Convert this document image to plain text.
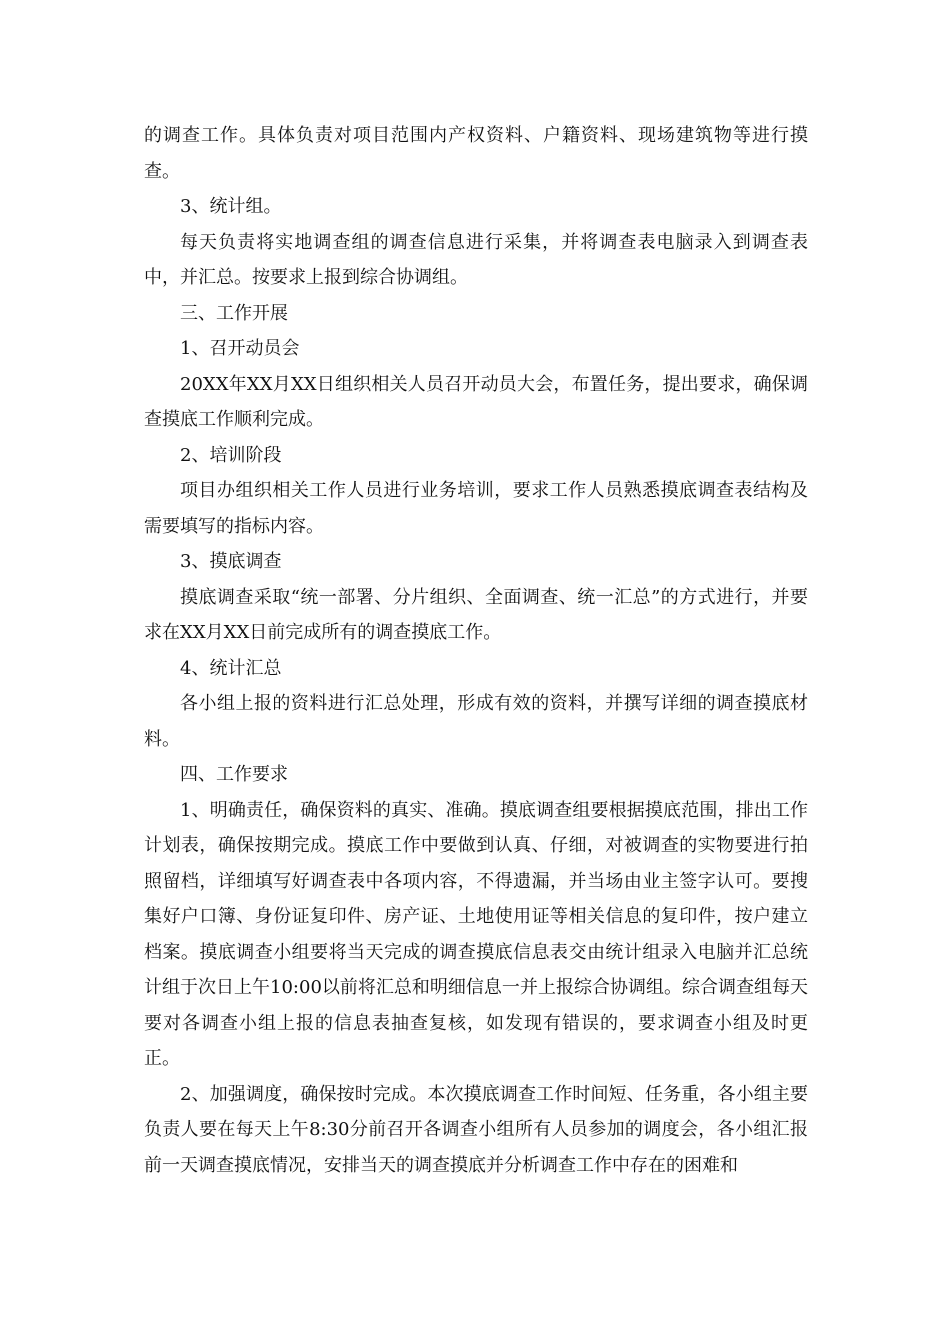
的调查工作。具体负责对项目范围内产权资料、户籍资料、现场建筑物等进行摸查。

3、统计组。

每天负责将实地调查组的调查信息进行采集，并将调查表电脑录入到调查表中，并汇总。按要求上报到综合协调组。

三、工作开展

1、召开动员会

20XX年XX月XX日组织相关人员召开动员大会，布置任务，提出要求，确保调查摸底工作顺利完成。

2、培训阶段

项目办组织相关工作人员进行业务培训，要求工作人员熟悉摸底调查表结构及需要填写的指标内容。

3、摸底调查

摸底调查采取“统一部署、分片组织、全面调查、统一汇总”的方式进行，并要求在XX月XX日前完成所有的调查摸底工作。

4、统计汇总

各小组上报的资料进行汇总处理，形成有效的资料，并撰写详细的调查摸底材料。

四、工作要求

1、明确责任，确保资料的真实、准确。摸底调查组要根据摸底范围，排出工作计划表，确保按期完成。摸底工作中要做到认真、仔细，对被调查的实物要进行拍照留档，详细填写好调查表中各项内容，不得遗漏，并当场由业主签字认可。要搜集好户口簿、身份证复印件、房产证、土地使用证等相关信息的复印件，按户建立档案。摸底调查小组要将当天完成的调查摸底信息表交由统计组录入电脑并汇总统计组于次日上午10:00以前将汇总和明细信息一并上报综合协调组。综合调查组每天要对各调查小组上报的信息表抽查复核，如发现有错误的，要求调查小组及时更正。

2、加强调度，确保按时完成。本次摸底调查工作时间短、任务重，各小组主要负责人要在每天上午8:30分前召开各调查小组所有人员参加的调度会，各小组汇报前一天调查摸底情况，安排当天的调查摸底并分析调查工作中存在的困难和
